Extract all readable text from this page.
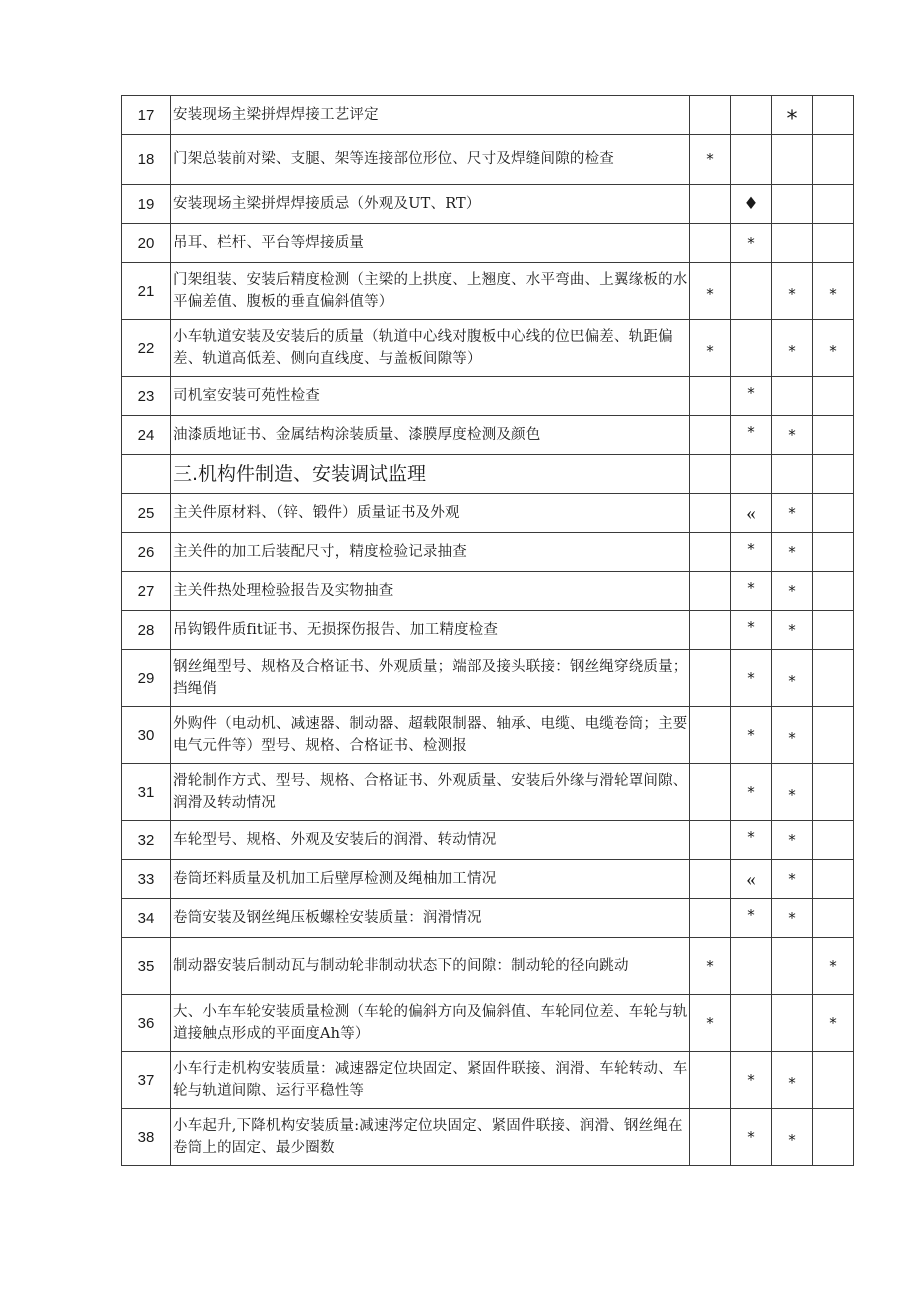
17	安装现场主梁拼焊焊接工艺评定			*	
18	门架总装前对梁、支腿、架等连接部位形位、尺寸及焊缝间隙的检查	*			
19	安装现场主梁拼焊焊接质忌（外观及UT、RT）		♦		
20	吊耳、栏杆、平台等焊接质量		*		
21	门架组装、安装后精度检测（主梁的上拱度、上翘度、水平弯曲、上翼缘板的水平偏差值、腹板的垂直偏斜值等）	*		*	*
22	小车轨道安装及安装后的质量（轨道中心线对腹板中心线的位巴偏差、轨距偏差、轨道高低差、侧向直线度、与盖板间隙等）	*		*	*
23	司机室安装可苑性检查		*		
24	油漆质地证书、金属结构涂装质量、漆膜厚度检测及颜色		*	*	
	三.机构件制造、安装调试监理				
25	主关件原材料、（锌、锻件）质量证书及外观		«	*	
26	主关件的加工后装配尺寸，精度检验记录抽查		*	*	
27	主关件热处理检验报告及实物抽查		*	*	
28	吊钩锻件质fit证书、无损探伤报告、加工精度检查		*	*	
29	钢丝绳型号、规格及合格证书、外观质量；端部及接头联接：钢丝绳穿绕质量；挡绳俏		*	*	
30	外购件（电动机、减速器、制动器、超载限制器、轴承、电缆、电缆卷筒；主要电气元件等）型号、规格、合格证书、检测报		*	*	
31	滑轮制作方式、型号、规格、合格证书、外观质量、安装后外缘与滑轮罩间隙、润滑及转动情况		*	*	
32	车轮型号、规格、外观及安装后的润滑、转动情况		*	*	
33	卷筒坯料质量及机加工后壁厚检测及绳柚加工情况		«	*	
34	卷筒安装及钢丝绳压板螺栓安装质量：润滑情况		*	*	
35	制动器安装后制动瓦与制动轮非制动状态下的间隙：制动轮的径向跳动	*			*
36	大、小车车轮安装质量检测（车轮的偏斜方向及偏斜值、车轮同位差、车轮与轨道接触点形成的平面度Ah等）	*			*
37	小车行走机构安装质量：减速器定位块固定、紧固件联接、润滑、车轮转动、车轮与轨道间隙、运行平稳性等		*	*	
38	小车起升,下降机构安装质量:减速涔定位块固定、紧固件联接、润滑、钢丝绳在卷筒上的固定、最少圈数		*	*	
